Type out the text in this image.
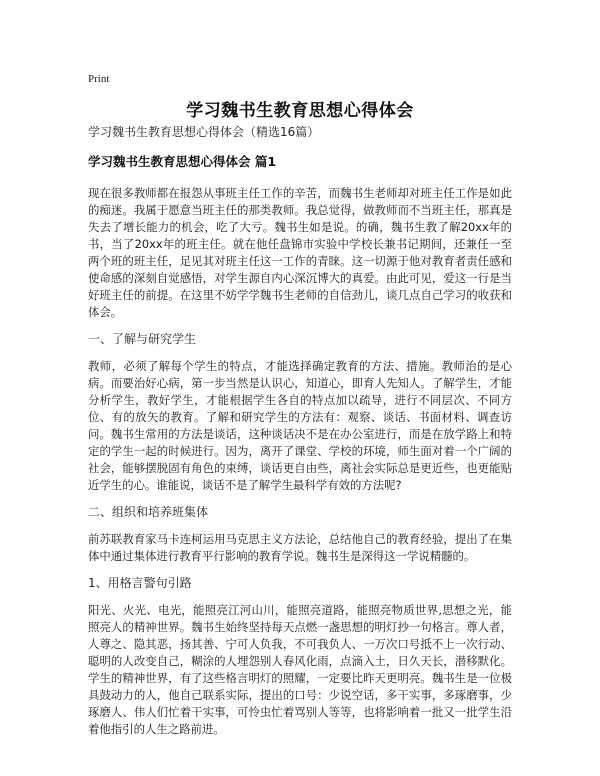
Print
学习魏书生教育思想心得体会
学习魏书生教育思想心得体会（精选16篇）
学习魏书生教育思想心得体会 篇1

现在很多教师都在报怨从事班主任工作的辛苦，而魏书生老师却对班主任工作是如此的痴迷。我属于愿意当班主任的那类教师。我总觉得，做教师而不当班主任，那真是失去了增长能力的机会，吃了大亏。魏书生如是说。的确，魏书生教了解20xx年的书，当了20xx年的班主任。就在他任盘锦市实验中学校长兼书记期间，还兼任一至两个班的班主任，足见其对班主任这一工作的青睐。这一切源于他对教育者责任感和使命感的深刻自觉感悟，对学生源自内心深沉博大的真爱。由此可见，爱这一行是当好班主任的前提。在这里不妨学学魏书生老师的自信劲儿，谈几点自己学习的收获和体会。

一、了解与研究学生

教师，必须了解每个学生的特点，才能选择确定教育的方法、措施。教师治的是心病。而要治好心病，第一步当然是认识心，知道心，即育人先知人。了解学生，才能分析学生，教好学生，才能根据学生各自的特点加以疏导，进行不同层次、不同方位、有的放矢的教育。了解和研究学生的方法有：观察、谈话、书面材料、调查访问。魏书生常用的方法是谈话，这种谈话决不是在办公室进行，而是在放学路上和特定的学生一起的时候进行。因为，离开了课堂、学校的环境，师生面对着一个广阔的社会，能够摆脱固有角色的束缚，谈话更自由些，离社会实际总是更近些，也更能贴近学生的心。谁能说，谈话不是了解学生最科学有效的方法呢?

二、组织和培养班集体

前苏联教育家马卡连柯运用马克思主义方法论，总结他自己的教育经验，提出了在集体中通过集体进行教育平行影响的教育学说。魏书生是深得这一学说精髓的。

1、用格言警句引路

阳光、火光、电光，能照亮江河山川，能照亮道路，能照亮物质世界,思想之光，能照亮人的精神世界。魏书生始终坚持每天点燃一盏思想的明灯抄一句格言。尊人者，人尊之、隐其恶，扬其善、宁可人负我，不可我负人、一万次口号抵不上一次行动、聪明的人改变自己，糊涂的人埋怨别人春风化雨，点滴入土，日久天长，潜移默化。学生的精神世界，有了这些格言明灯的照耀，一定要比昨天更明亮。魏书生是一位极具鼓动力的人，他自己联系实际，提出的口号：少说空话，多干实事，多琢磨事，少琢磨人、伟人们忙着干实事，可怜虫忙着骂别人等等，也将影响着一批又一批学生沿着他指引的人生之路前进。
